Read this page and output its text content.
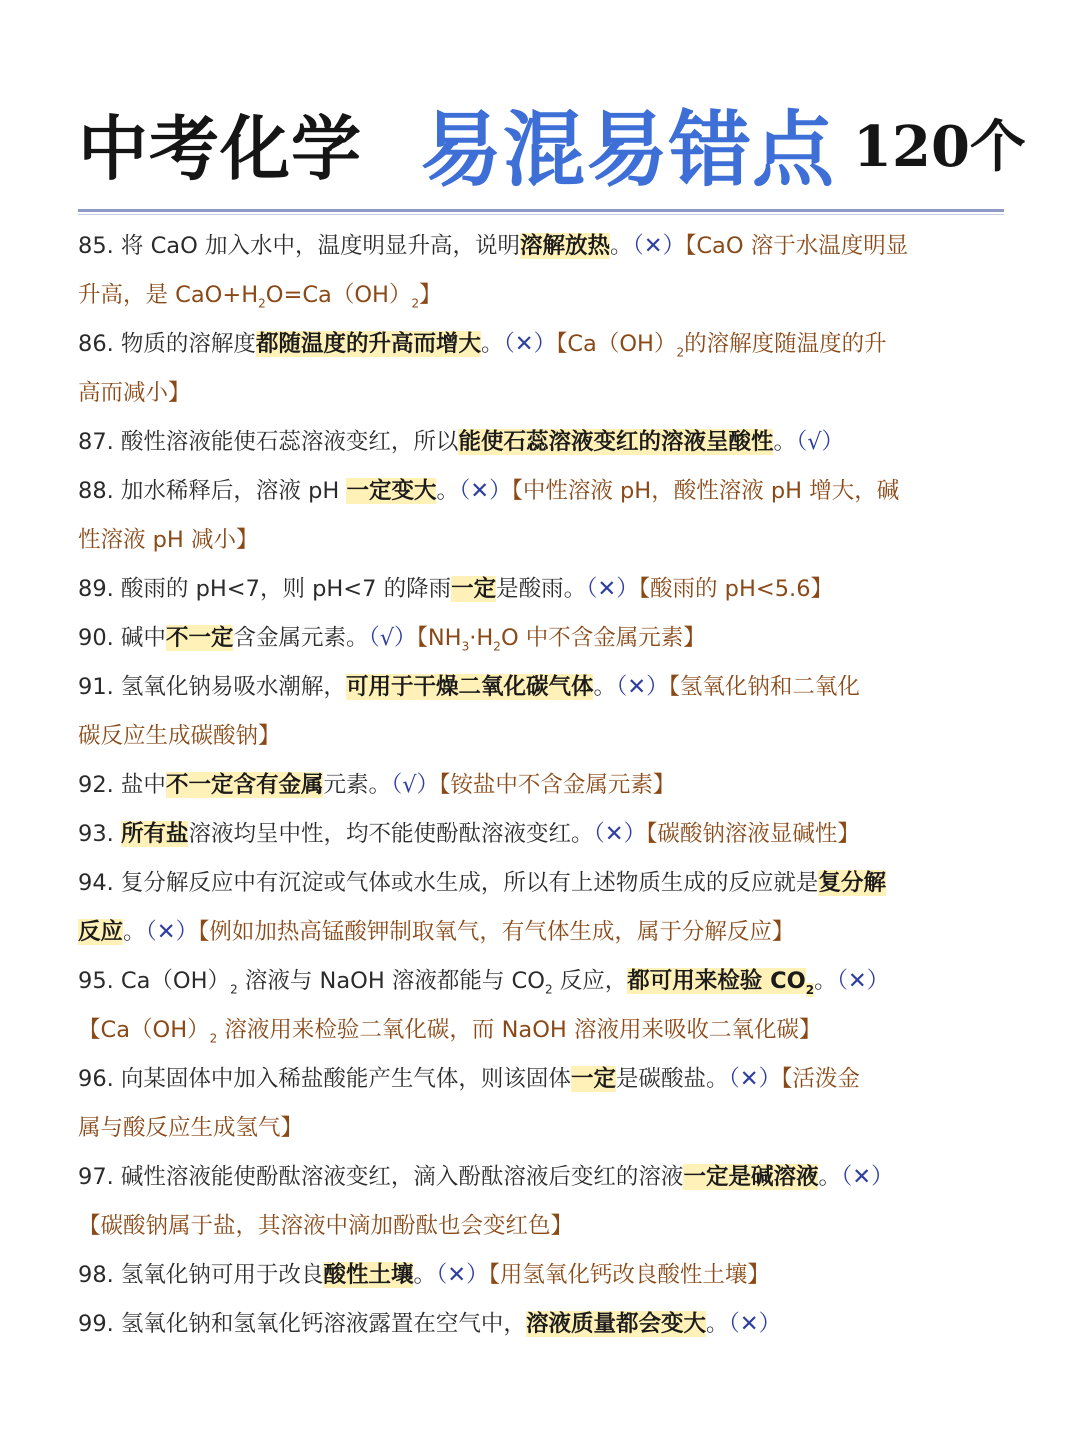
中考化学 易混易错点 120个
85. 将 CaO 加入水中，温度明显升高，说明溶解放热。（✕）【CaO 溶于水温度明显
升高，是 $CaO+H_2O=Ca(OH)_2$】
86. 物质的溶解度都随温度的升高而增大。（✕）【$Ca(OH)_2$的溶解度随温度的升
高而减小】
87. 酸性溶液能使石蕊溶液变红，所以能使石蕊溶液变红的溶液呈酸性。（√）
88. 加水稀释后，溶液 pH 一定变大。（✕）【中性溶液 pH，酸性溶液 pH 增大，碱
性溶液 pH 减小】
89. 酸雨的 pH<7，则 pH<7 的降雨一定是酸雨。（✕）【酸雨的 pH<5.6】
90. 碱中不一定含金属元素。（√）【$NH_3\cdot H_2O$ 中不含金属元素】
91. 氢氧化钠易吸水潮解，可用于干燥二氧化碳气体。（✕）【氢氧化钠和二氧化
碳反应生成碳酸钠】
92. 盐中不一定含有金属元素。（√）【铵盐中不含金属元素】
93. 所有盐溶液均呈中性，均不能使酚酞溶液变红。（✕）【碳酸钠溶液显碱性】
94. 复分解反应中有沉淀或气体或水生成，所以有上述物质生成的反应就是复分解
反应。（✕）【例如加热高锰酸钾制取氧气，有气体生成，属于分解反应】
95. $Ca(OH)_2$ 溶液与 NaOH 溶液都能与 $CO_2$ 反应，都可用来检验 $CO_2$。（✕）
【$Ca(OH)_2$ 溶液用来检验二氧化碳，而 NaOH 溶液用来吸收二氧化碳】
96. 向某固体中加入稀盐酸能产生气体，则该固体一定是碳酸盐。（✕）【活泼金
属与酸反应生成氢气】
97. 碱性溶液能使酚酞溶液变红，滴入酚酞溶液后变红的溶液一定是碱溶液。（✕）
【碳酸钠属于盐，其溶液中滴加酚酞也会变红色】
98. 氢氧化钠可用于改良酸性土壤。（✕）【用氢氧化钙改良酸性土壤】
99. 氢氧化钠和氢氧化钙溶液露置在空气中，溶液质量都会变大。（✕）
